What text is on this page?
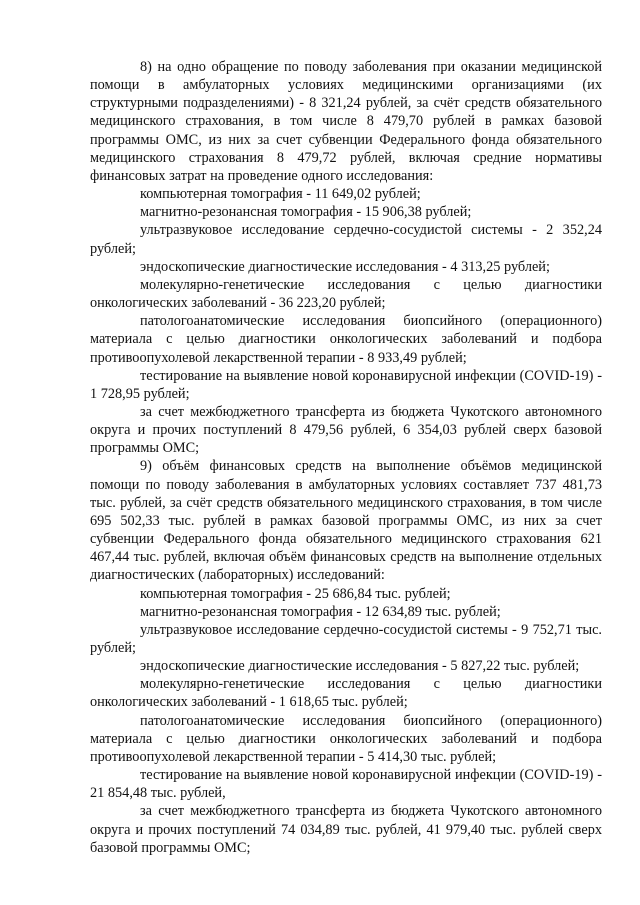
8) на одно обращение по поводу заболевания при оказании медицинской помощи в амбулаторных условиях медицинскими организациями (их структурными подразделениями) - 8 321,24 рублей, за счёт средств обязательного медицинского страхования, в том числе 8 479,70 рублей в рамках базовой программы ОМС, из них за счет субвенции Федерального фонда обязательного медицинского страхования 8 479,72 рублей, включая средние нормативы финансовых затрат на проведение одного исследования:

компьютерная томография - 11 649,02 рублей;

магнитно-резонансная томография - 15 906,38 рублей;

ультразвуковое исследование сердечно-сосудистой системы - 2 352,24 рублей;

эндоскопические диагностические исследования - 4 313,25 рублей;

молекулярно-генетические исследования с целью диагностики онкологических заболеваний - 36 223,20 рублей;

патологоанатомические исследования биопсийного (операционного) материала с целью диагностики онкологических заболеваний и подбора противоопухолевой лекарственной терапии - 8 933,49 рублей;

тестирование на выявление новой коронавирусной инфекции (COVID-19) - 1 728,95 рублей;

за счет межбюджетного трансферта из бюджета Чукотского автономного округа и прочих поступлений 8 479,56 рублей, 6 354,03 рублей сверх базовой программы ОМС;

9) объём финансовых средств на выполнение объёмов медицинской помощи по поводу заболевания в амбулаторных условиях составляет 737 481,73 тыс. рублей, за счёт средств обязательного медицинского страхования, в том числе 695 502,33 тыс. рублей в рамках базовой программы ОМС, из них за счет субвенции Федерального фонда обязательного медицинского страхования 621 467,44 тыс. рублей, включая объём финансовых средств на выполнение отдельных диагностических (лабораторных) исследований:

компьютерная томография - 25 686,84 тыс. рублей;

магнитно-резонансная томография - 12 634,89 тыс. рублей;

ультразвуковое исследование сердечно-сосудистой системы - 9 752,71 тыс. рублей;

эндоскопические диагностические исследования - 5 827,22 тыс. рублей;

молекулярно-генетические исследования с целью диагностики онкологических заболеваний - 1 618,65 тыс. рублей;

патологоанатомические исследования биопсийного (операционного) материала с целью диагностики онкологических заболеваний и подбора противоопухолевой лекарственной терапии - 5 414,30 тыс. рублей;

тестирование на выявление новой коронавирусной инфекции (COVID-19) - 21 854,48 тыс. рублей,

за счет межбюджетного трансферта из бюджета Чукотского автономного округа и прочих поступлений 74 034,89 тыс. рублей, 41 979,40 тыс. рублей сверх базовой программы ОМС;
